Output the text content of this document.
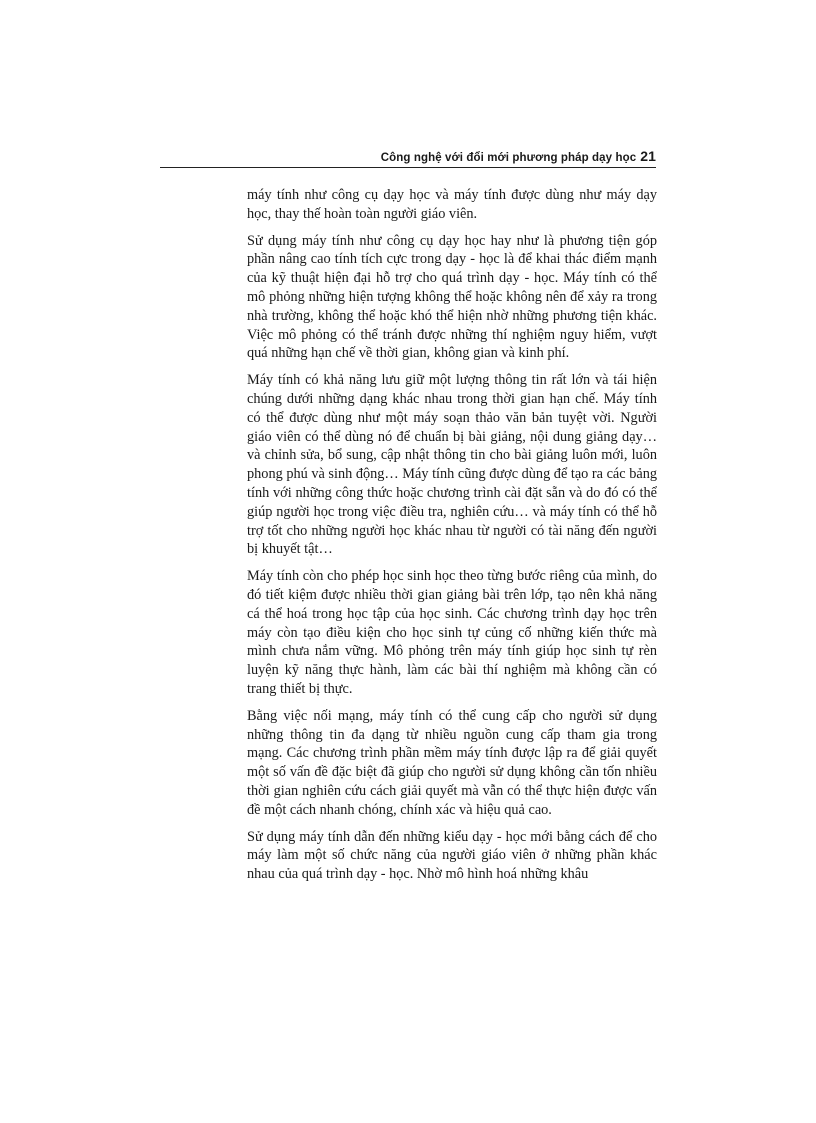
Công nghệ với đổi mới phương pháp dạy học 21

máy tính như công cụ dạy học và máy tính được dùng như máy dạy học, thay thế hoàn toàn người giáo viên.

Sử dụng máy tính như công cụ dạy học hay như là phương tiện góp phần nâng cao tính tích cực trong dạy - học là để khai thác điểm mạnh của kỹ thuật hiện đại hỗ trợ cho quá trình dạy - học. Máy tính có thể mô phỏng những hiện tượng không thể hoặc không nên để xảy ra trong nhà trường, không thể hoặc khó thể hiện nhờ những phương tiện khác. Việc mô phỏng có thể tránh được những thí nghiệm nguy hiểm, vượt quá những hạn chế về thời gian, không gian và kinh phí.

Máy tính có khả năng lưu giữ một lượng thông tin rất lớn và tái hiện chúng dưới những dạng khác nhau trong thời gian hạn chế. Máy tính có thể được dùng như một máy soạn thảo văn bản tuyệt vời. Người giáo viên có thể dùng nó để chuẩn bị bài giảng, nội dung giảng dạy… và chỉnh sửa, bổ sung, cập nhật thông tin cho bài giảng luôn mới, luôn phong phú và sinh động… Máy tính cũng được dùng để tạo ra các bảng tính với những công thức hoặc chương trình cài đặt sẵn và do đó có thể giúp người học trong việc điều tra, nghiên cứu… và máy tính có thể hỗ trợ tốt cho những người học khác nhau từ người có tài năng đến người bị khuyết tật…

Máy tính còn cho phép học sinh học theo từng bước riêng của mình, do đó tiết kiệm được nhiều thời gian giảng bài trên lớp, tạo nên khả năng cá thể hoá trong học tập của học sinh. Các chương trình dạy học trên máy còn tạo điều kiện cho học sinh tự củng cố những kiến thức mà mình chưa nắm vững. Mô phỏng trên máy tính giúp học sinh tự rèn luyện kỹ năng thực hành, làm các bài thí nghiệm mà không cần có trang thiết bị thực.

Bằng việc nối mạng, máy tính có thể cung cấp cho người sử dụng những thông tin đa dạng từ nhiều nguồn cung cấp tham gia trong mạng. Các chương trình phần mềm máy tính được lập ra để giải quyết một số vấn đề đặc biệt đã giúp cho người sử dụng không cần tốn nhiều thời gian nghiên cứu cách giải quyết mà vẫn có thể thực hiện được vấn đề một cách nhanh chóng, chính xác và hiệu quả cao.

Sử dụng máy tính dẫn đến những kiểu dạy - học mới bằng cách để cho máy làm một số chức năng của người giáo viên ở những phần khác nhau của quá trình dạy - học. Nhờ mô hình hoá những khâu
